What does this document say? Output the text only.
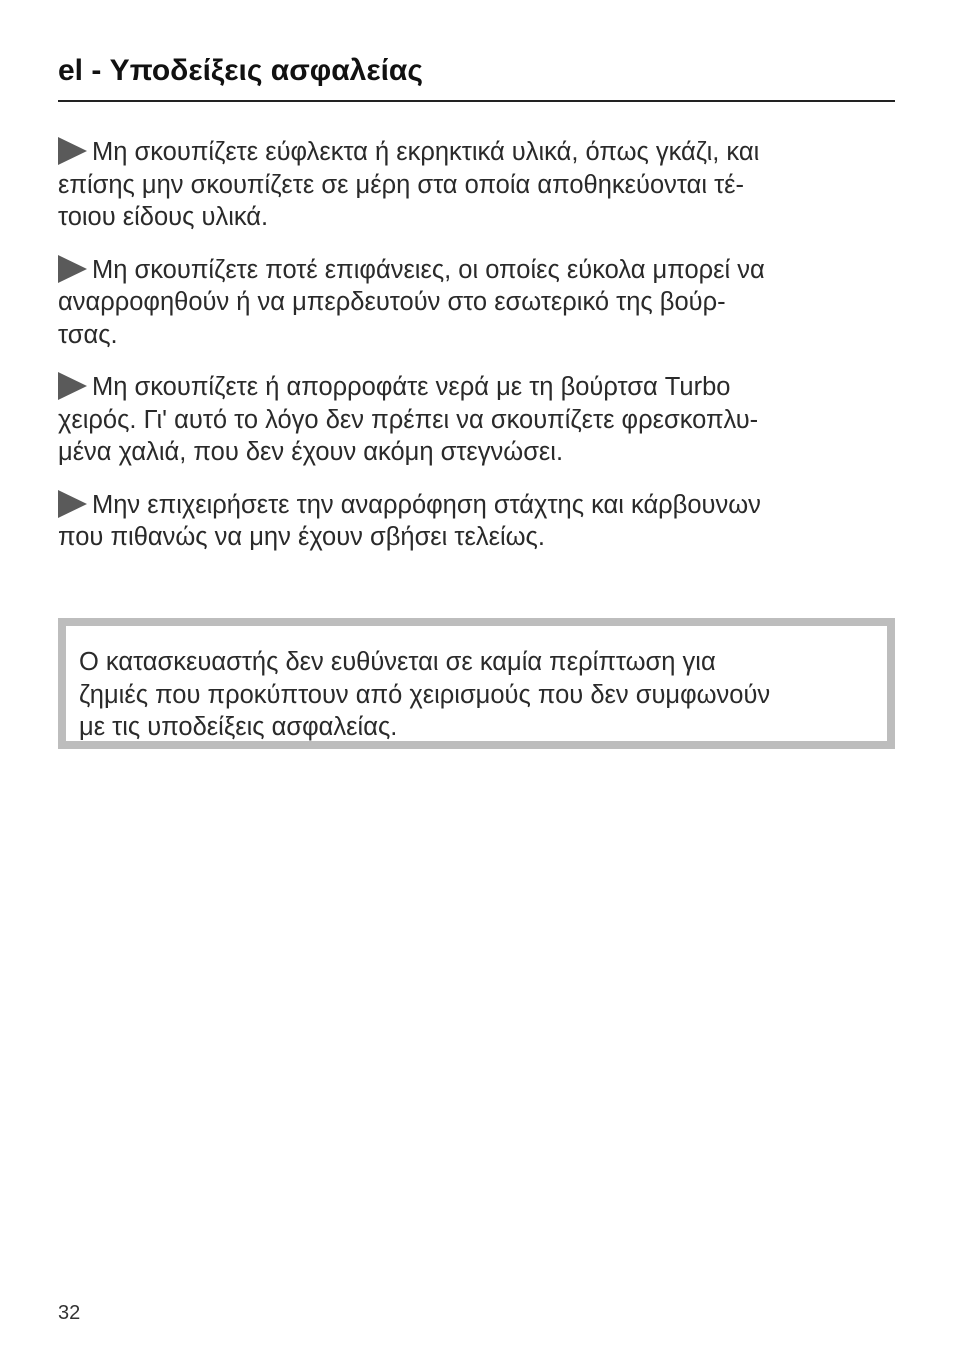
el - Υποδείξεις ασφαλείας
Μη σκουπίζετε εύφλεκτα ή εκρηκτικά υλικά, όπως γκάζι, και
επίσης μην σκουπίζετε σε μέρη στα οποία αποθηκεύονται τέ-
τοιου είδους υλικά.
Μη σκουπίζετε ποτέ επιφάνειες, οι οποίες εύκολα μπορεί να
αναρροφηθούν ή να μπερδευτούν στο εσωτερικό της βούρ-
τσας.
Μη σκουπίζετε ή απορροφάτε νερά με τη βούρτσα Turbo
χειρός. Γι' αυτό το λόγο δεν πρέπει να σκουπίζετε φρεσκοπλυ-
μένα χαλιά, που δεν έχουν ακόμη στεγνώσει.
Μην επιχειρήσετε την αναρρόφηση στάχτης και κάρβουνων
που πιθανώς να μην έχουν σβήσει τελείως.
Ο κατασκευαστής δεν ευθύνεται σε καμία περίπτωση για
ζημιές που προκύπτουν από χειρισμούς που δεν συμφωνούν
με τις υποδείξεις ασφαλείας.
32
